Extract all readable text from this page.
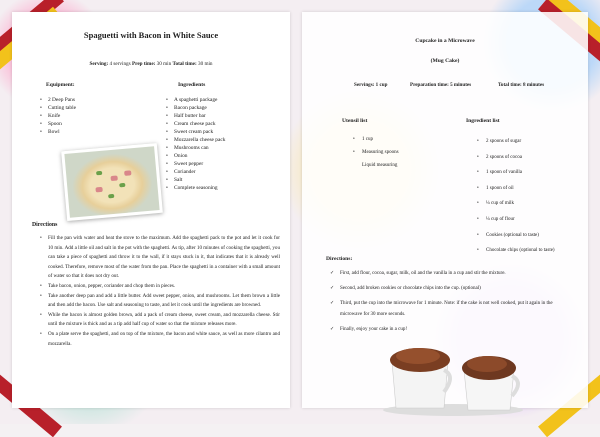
Spaguetti with Bacon in White Sauce
Serving: 4 servings Prep time: 30 min Total time: 30 min
Equipment:
• 2 Deep Pans
• Cutting table
• Knife
• Spoon
• Bowl
Ingredients
• A spaghetti package
• Bacon package
• Half butter bar
• Cream cheese pack
• Sweet cream pack
• Mozzarella cheese pack
• Mushrooms can
• Onion
• Sweet pepper
• Coriander
• Salt
• Complete seasoning
Directions
• Fill the pan with water and heat the stove to the maximum. Add the spaghetti pack to the pot and let it cook for 10 min. Add a little oil and salt in the pot with the spaghetti. As tip, after 10 minutes of cooking the spaghetti, you can take a piece of spaghetti and throw it to the wall, if it stays stuck in it, that indicates that it is already well cooked. Therefore, remove most of the water from the pan. Place the spaghetti in a container with a small amount of water so that it does not dry out.
• Take bacon, onion, pepper, coriander and chop them in pieces.
• Take another deep pan and add a little butter. Add sweet pepper, onion, and mushrooms. Let them brown a little and then add the bacon. Use salt and seasoning to taste, and let it cook until the ingredients are browned.
• While the bacon is almost golden brown, add a pack of cream cheese, sweet cream, and mozzarella cheese. Stir until the mixture is thick and as a tip add half cup of water so that the mixture releases more.
• On a plate serve the spaghetti, and on top of the mixture, the bacon and white sauce, as well as more cilantro and mozzarella.
Cupcake in a Microwave
(Mug Cake)
Servings: 1 cup	Preparation time: 5 minutes	Total time: 8 minutes
Utensil list
• 1 cup
• Measuring spoons
Liquid measuring
Ingredient list
• 2 spoons of sugar
• 2 spoons of cocoa
• 1 spoon of vanilla
• 1 spoon of oil
• ¼ cup of milk
• ¼ cup of flour
• Cookies (optional to taste)
• Chocolate chips (optional to taste)
Directions:
✓ First, add flour, cocoa, sugar, milk, oil and the vanilla in a cup and stir the mixture.
✓ Second, add broken cookies or chocolate chips into the cup. (optional)
✓ Third, put the cup into the microwave for 1 minute. Note: if the cake is not well cooked, put it again in the microwave for 30 more seconds.
✓ Finally, enjoy your cake in a cup!
